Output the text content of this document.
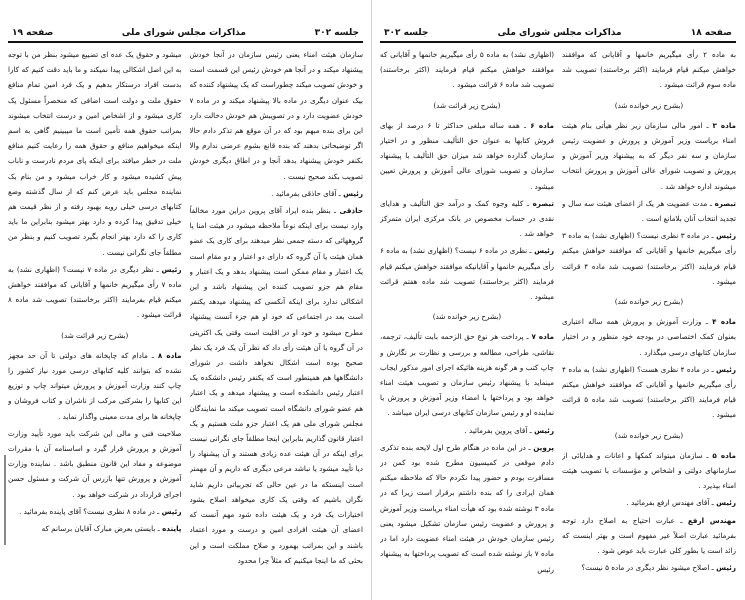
جلسه ۳۰۲
مذاکرات مجلس شورای ملی
صفحه ۱۹

سازمان هیئت امناء یعنی رئیس سازمان در آنجا خودش پیشنهاد میکند و در آنجا هم خودش رئیس این قسمت است و خودش تصویب میکند چطوراست که یک پیشنهاد کننده که بیک عنوان دیگری در ماده بالا پیشنهاد میکند و در ماده ۷ خودش عضویت دارد و در تصویبش هم خودش دخالت دارد این برای بنده مبهم بود که در آن موقع هم تذکر دادم حالا اگر توضیحاتی بدهند که بنده قانع بشوم عرضی ندارم والا بکنفر خودش پیشنهاد بدهد آنجا و در اطاق دیگری خودش تصویب بکند صحیح نیست .

رئیس ـ آقای حاذقی بفرمائید .

حاذقی ـ بنظر بنده ایراد آقای پروین دراین مورد مخالفاً وارد نیست برای اینکه نوعاً ملاحظه میشود در هیئت امنا یا گروههائی که دسته جمعی نظر میدهند برای کاری یک عضو همان هیئت یا آن گروه که دارای دو اعتبار و دو مقام است یک اعتبار و مقام ممکن است پیشنهاد بدهد و یک اعتبار و مقام هم جزو تصویب کننده این پیشنهاد باشد و این اشکالی ندارد برای اینکه آنکسی که پیشنهاد میدهد یکنفر است بعد در اجتماعی که خود او هم جزء آنست پیشنهاد مطرح میشود و خود او در اقلیت است وقتی یک اکثریتی در آن گروه یا آن هیئت رأی داد که نظر آن یک فرد یک نظر صحیح بوده است اشکال نخواهد داشت در شورای دانشگاهها هم همینطور است که یکنفر رئیس دانشکده یک اعتبار رئیس دانشکده است و پیشنهاد میدهد و یک اعتبار هم عضو شورای دانشگاه است تصویب میکند ما نمایندگان مجلس شورای ملی هم یک اعتبار جزو ملت هستیم و یک اعتبار قانون گذاریم بنابراین اینجا مطلقاً جای نگرانی نیست برای اینکه در آن هیئت عده زیادی هستند و آن پیشنهاد را دیا تأیید میشود یا نباشد مرعی دیگری که داریم و آن مهمتر است اینستکه ما در عین حالی که تجربیاتی داریم شاید نگران باشیم که وقتی یک کاری میخواهد اصلاح بشود اختیارات یک فرد و یک هیئت داده شود مهم آنست که اعضای آن هیئت افرادی امین و درست و مورد اعتماد باشند و این بمراتب بهمورد و صلاح مملکت است و این بحثی که ما اینجا میکنیم که مثلاً چرا محدود

میشود و حقوق یک عده ای تضییع میشود بنظر من با توجه به این اصل اشکالی پیدا نمیکند و ما باید دقت کنیم که کارا بدست افراد درستکار بدهیم و یک فرد امین تمام منافع حقوق ملت و دولت است اضافی که منحصراً مسئول یک کاری میشود و از اشخاص امین و درست انتخاب میشوند بمراتب حقوق همه تأمین است ما میبینیم گاهی به اسم اینکه میخواهیم منافع و حقوق همه را رعایت کنیم منافع ملت در خطر میافتد برای اینکه پای مردم نادرست و ناباب پیش کشیده میشود و کار خراب میشود و من بنام یک نماینده مجلس باید عرض کنم که از سال گذشته وضع کتابهای درسی خیلی روبه بهبود رفته و از نظر قیمت هم خیلی تدقیق پیدا کرده و دارد بهتر میشود بنابراین ما باید کاری را که دارد بهتر انجام بگیرد تصویب کنیم و بنظر من مطلقاً جای نگرانی نیست .

رئیس ـ نظر دیگری در ماده ۷ نیست؟ (اظهاری نشد) به ماده ۷ رأی میگیریم خانمها و آقایانی که موافقند خواهش میکنم قیام بفرمایند (اکثر برخاستند) تصویب شد ماده ۸ قرائت میشود .

(بشرح زیر قرائت شد)

ماده ۸ ـ مادام که چاپخانه های دولتی تا آن حد مجهز نشده که بتوانند کلیه کتابهای درسی مورد نیاز کشور را چاپ کنند وزارت آموزش و پرورش میتواند چاپ و توزیع این کتابها را بشرکتی مرکب از ناشران و کتاب فروشان و چاپخانه ها برای مدت معینی واگذار نماید .

صلاحیت فنی و مالی این شرکت باید مورد تأیید وزارت آموزش و پرورش قرار گیرد و اساسنامه آن با مقررات موضوعه و مفاد این قانون منطبق باشد . نماینده وزارت آموزش و پرورش تنها بازرس آن شرکت و مسئول حسن اجرای قرارداد در شرکت خواهد بود .

رئیس ـ در ماده ۸ نظری نیست؟ آقای پاینده بفرمائید .

پاینده ـ بایستی بعرض مبارک آقایان برسانم که

صفحه ۱۸
مذاکرات مجلس شورای ملی
جلسه ۳۰۲

به ماده ۲ رأی میگیریم خانمها و آقایانی که موافقند خواهش میکنم قیام فرمایند (اکثر برخاستند) تصویب شد ماده سوم قرائت میشود .

(بشرح زیر خوانده شد)

ماده ۳ ـ امور مالی سازمان زیر نظر هیأتی بنام هیئت امناء بریاست وزیر آموزش و پرورش و عضویت رئیس سازمان و سه نفر دیگر که به پیشنهاد وزیر آموزش و پرورش و تصویب شورای عالی آموزش و پرورش انتخاب میشوند اداره خواهد شد .

تبصره ـ مدت عضویت هر یک از اعضای هیئت سه سال و تجدید انتخاب آنان بلامانع است .

رئیس ـ در ماده ۳ نظری نیست؟ (اظهاری نشد) به ماده ۳ رأی میگیریم خانمها و آقایانی که موافقند خواهش میکنم قیام فرمایند (اکثر برخاستند) تصویب شد ماده ۴ قرائت میشود .

(بشرح زیر خوانده شد)

ماده ۴ ـ وزارت آموزش و پرورش همه ساله اعتباری بعنوان کمک اختصاصی در بودجه خود منظور و در اختیار سازمان کتابهای درسی میگذارد .

رئیس ـ در ماده ۴ نظری هست؟ (اظهاری نشد) به ماده ۴ رأی میگیریم خانمها و آقایانی که موافقند خواهش میکنم قیام فرمایند (اکثر برخاستند) تصویب شد ماده ۵ قرائت میشود .

(بشرح زیر خوانده شد)

ماده ۵ ـ سازمان میتواند کمکها و اعانات و هدایائی از سازمانهای دولتی و اشخاص و مؤسسات با تصویب هیئت امناء بپذیرد .

رئیس ـ آقای مهندس ارفع بفرمائید .

مهندس ارفع ـ عبارت احتیاج به اصلاح دارد توجه بفرمائید عبارت اصلاً غیر مفهوم است و بهتر اینست که زائد است یا بطور کلی عبارت باید عوض شود .

رئیس ـ اصلاح میشود نظر دیگری در ماده ۵ نیست؟

(اظهاری نشد) به ماده ۵ رأی میگیریم خانمها و آقایانی که موافقند خواهش میکنم قیام فرمایند (اکثر برخاستند) تصویب شد ماده ۶ قرائت میشود .

(بشرح زیر قرائت شد)

ماده ۶ ـ همه ساله مبلغی حداکثر تا ۶ درصد از بهای فروش کتابها به عنوان حق التألیف منظور و در اختیار سازمان گذارده خواهد شد میزان حق التألیف با پیشنهاد سازمان و تصویب شورای عالی آموزش و پرورش تعیین میشود .

تبصره ـ کلیه وجوه کمک و درآمد حق التألیف و هدایای نقدی در حساب مخصوص در بانک مرکزی ایران متمرکز خواهد شد .

رئیس ـ نظری در ماده ۶ نیست؟ (اظهاری نشد) به ماده ۶ رأی میگیریم خانمها و آقایانیکه موافقند خواهش میکنم قیام فرمایند (اکثر برخاستند) تصویب شد ماده هفتم قرائت میشود .

(بشرح زیر خوانده شد)

ماده ۷ ـ پرداخت هر نوع حق الزحمه بابت تألیف، ترجمه، نقاشی، طراحی، مطالعه و بررسی و نظارت بر نگارش و چاپ کتب و هر گونه هزینه هائیکه اجرای امور مذکور ایجاب مینماید با پیشنهاد رئیس سازمان و تصویب هیئت امناء خواهد بود و پرداختها با امضاء وزیر آموزش و پرورش یا نماینده او و رئیس سازمان کتابهای درسی ایران میباشد .

رئیس ـ آقای پروین بفرمائید .

پروین ـ در این ماده در هنگام طرح اول لایحه بنده تذکری دادم موقعی در کمیسیون مطرح شده بود کمن در مسافرت بودم و حضور پیدا نکردم حالا که ملاحظه میکنم همان ایرادی را که بنده داشتم برقرار است زیرا که در ماده ۳ نوشته شده بود که هیأت امناء بریاست وزیر آموزش و پرورش و عضویت رئیس سازمان تشکیل میشود یعنی رئیس سازمان خودش در هیئت امناء عضویت دارد اما در ماده ۷ باز نوشته شده است که تصویب پرداختها به پیشنهاد رئیس
